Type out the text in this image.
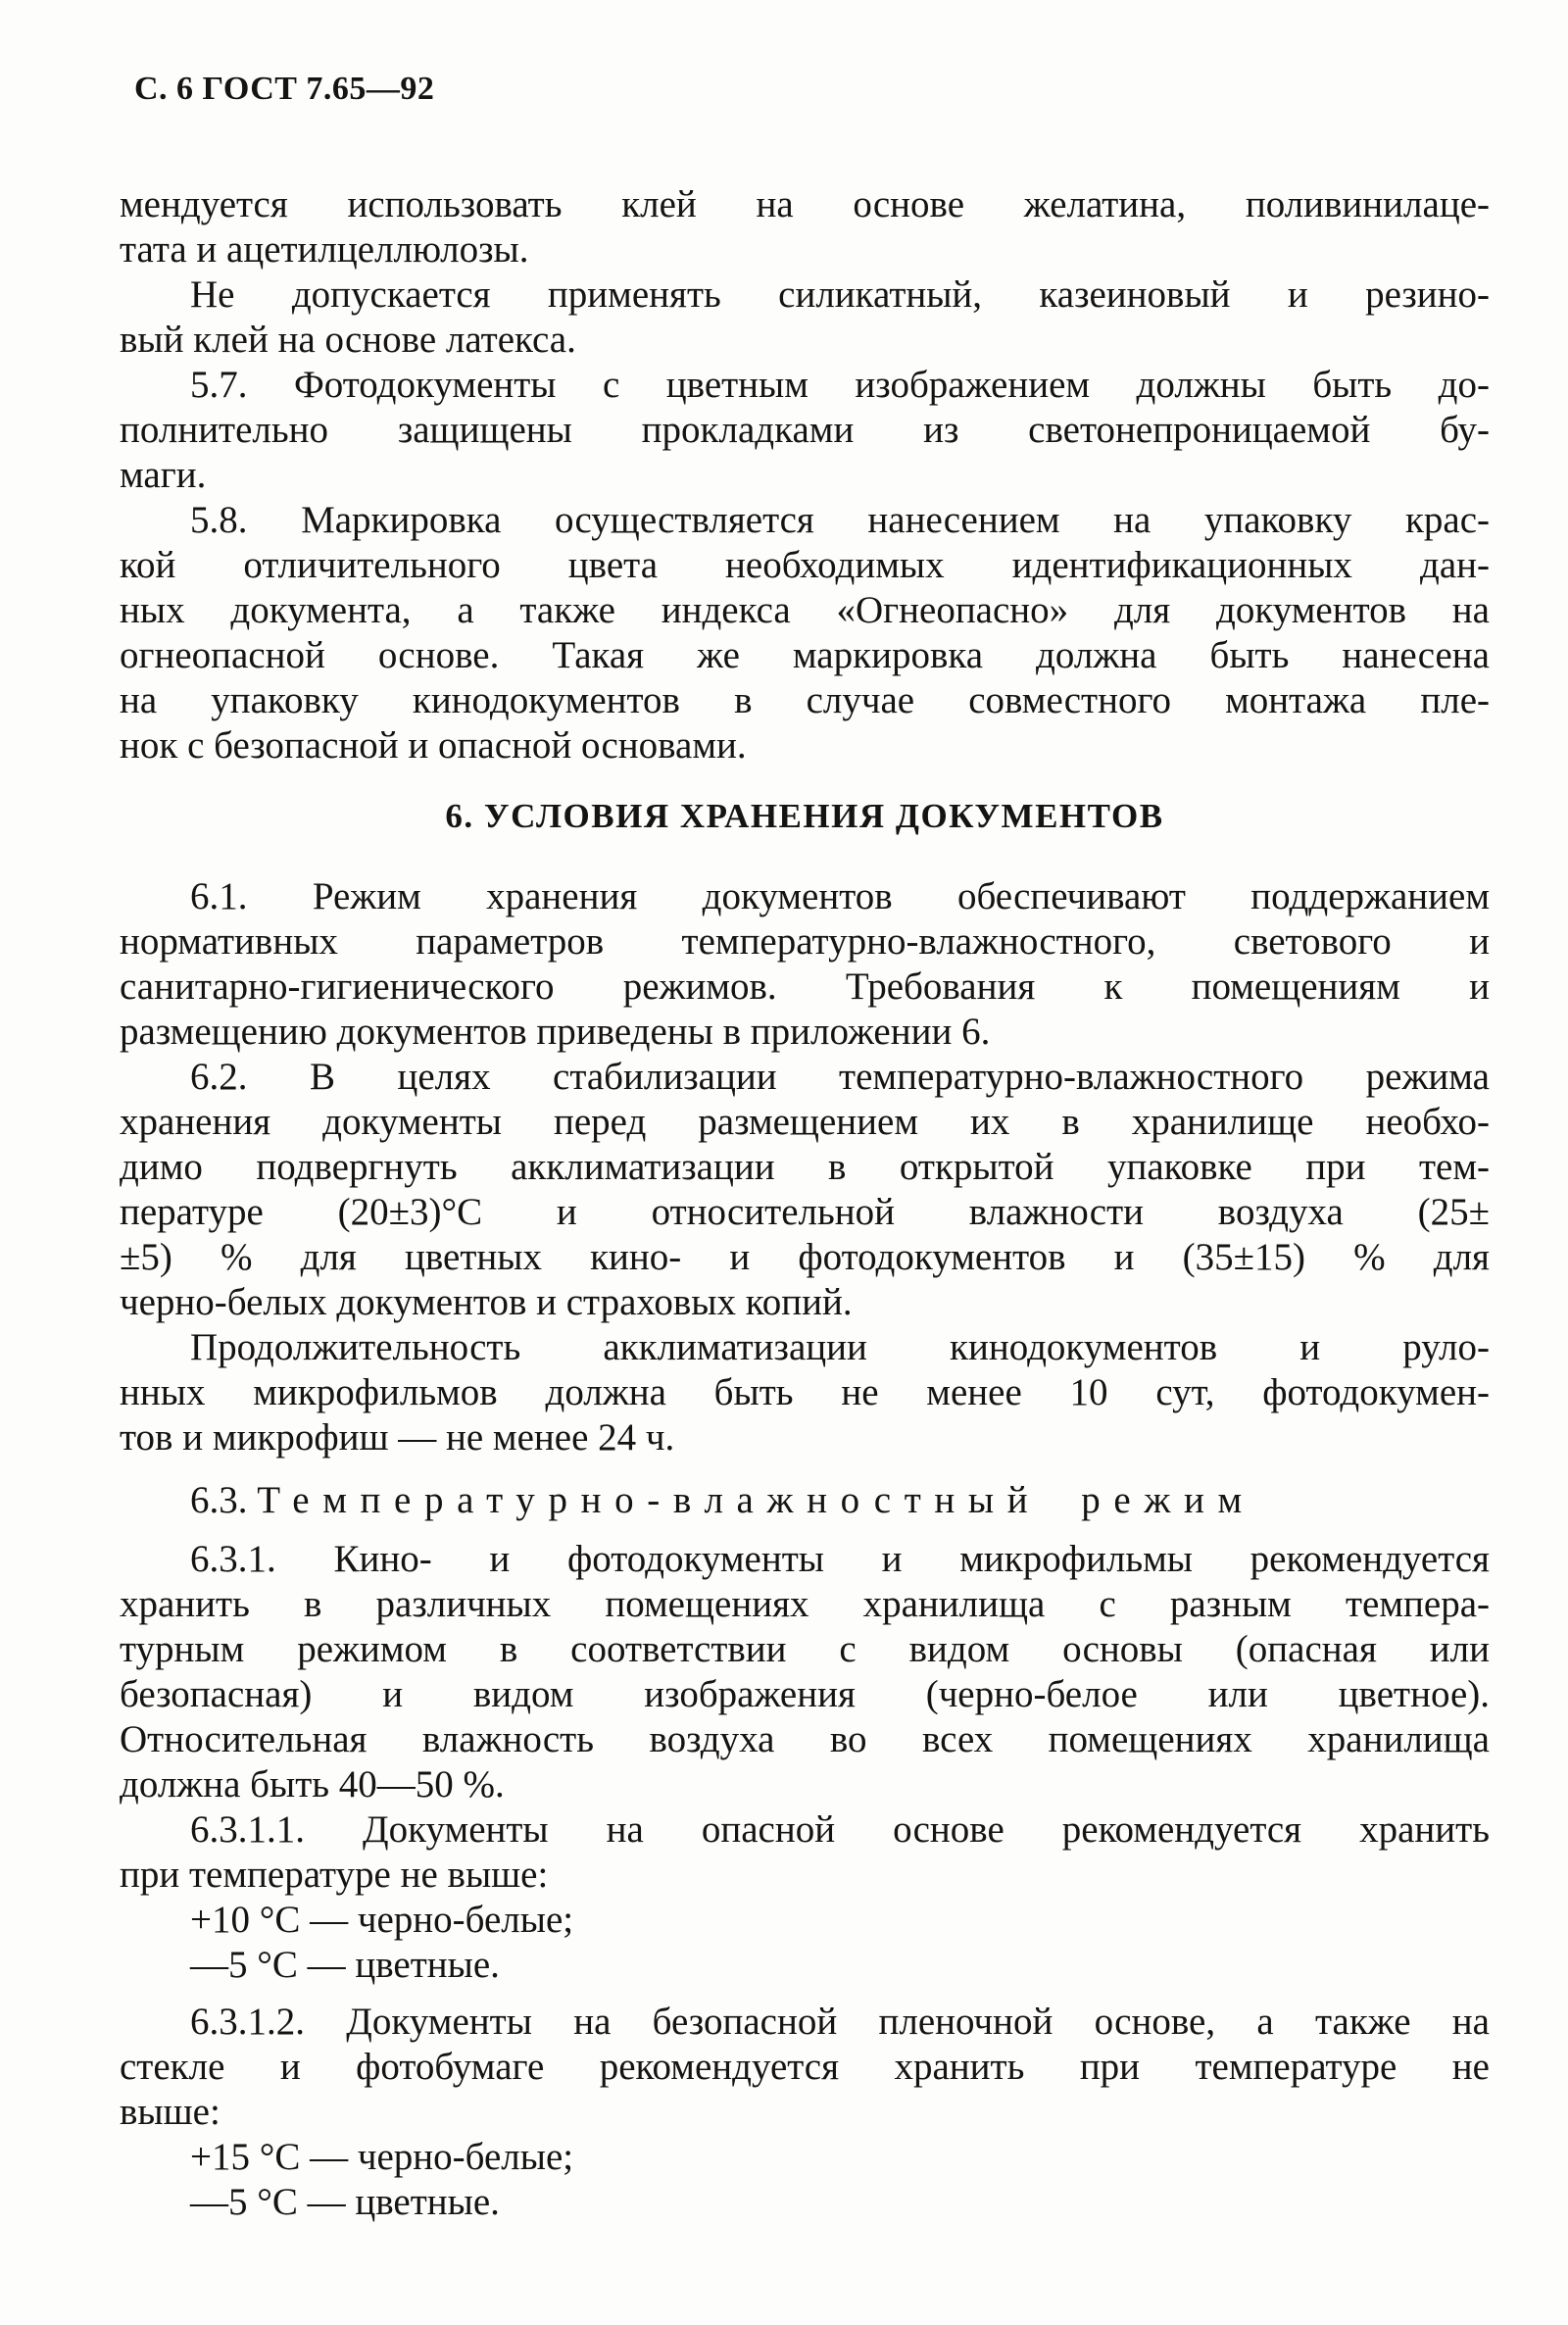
С. 6 ГОСТ 7.65—92
мендуется использовать клей на основе желатина, поливинилаце-
тата и ацетилцеллюлозы.
Не допускается применять силикатный, казеиновый и резино-
вый клей на основе латекса.
5.7. Фотодокументы с цветным изображением должны быть до-
полнительно защищены прокладками из светонепроницаемой бу-
маги.
5.8. Маркировка осуществляется нанесением на упаковку крас-
кой отличительного цвета необходимых идентификационных дан-
ных документа, а также индекса «Огнеопасно» для документов на
огнеопасной основе. Такая же маркировка должна быть нанесена
на упаковку кинодокументов в случае совместного монтажа пле-
нок с безопасной и опасной основами.
6. УСЛОВИЯ ХРАНЕНИЯ ДОКУМЕНТОВ
6.1. Режим хранения документов обеспечивают поддержанием
нормативных параметров температурно-влажностного, светового и
санитарно-гигиенического режимов. Требования к помещениям и
размещению документов приведены в приложении 6.
6.2. В целях стабилизации температурно-влажностного режима
хранения документы перед размещением их в хранилище необхо-
димо подвергнуть акклиматизации в открытой упаковке при тем-
пературе (20±3)°С и относительной влажности воздуха (25±
±5) % для цветных кино- и фотодокументов и (35±15) % для
черно-белых документов и страховых копий.
Продолжительность акклиматизации кинодокументов и руло-
нных микрофильмов должна быть не менее 10 сут, фотодокумен-
тов и микрофиш — не менее 24 ч.
6.3. Температурно-влажностный режим
6.3.1. Кино- и фотодокументы и микрофильмы рекомендуется
хранить в различных помещениях хранилища с разным темпера-
турным режимом в соответствии с видом основы (опасная или
безопасная) и видом изображения (черно-белое или цветное).
Относительная влажность воздуха во всех помещениях хранилища
должна быть 40—50 %.
6.3.1.1. Документы на опасной основе рекомендуется хранить
при температуре не выше:
+10 °С — черно-белые;
—5 °С — цветные.
6.3.1.2. Документы на безопасной пленочной основе, а также на
стекле и фотобумаге рекомендуется хранить при температуре не
выше:
+15 °С — черно-белые;
—5 °С — цветные.
